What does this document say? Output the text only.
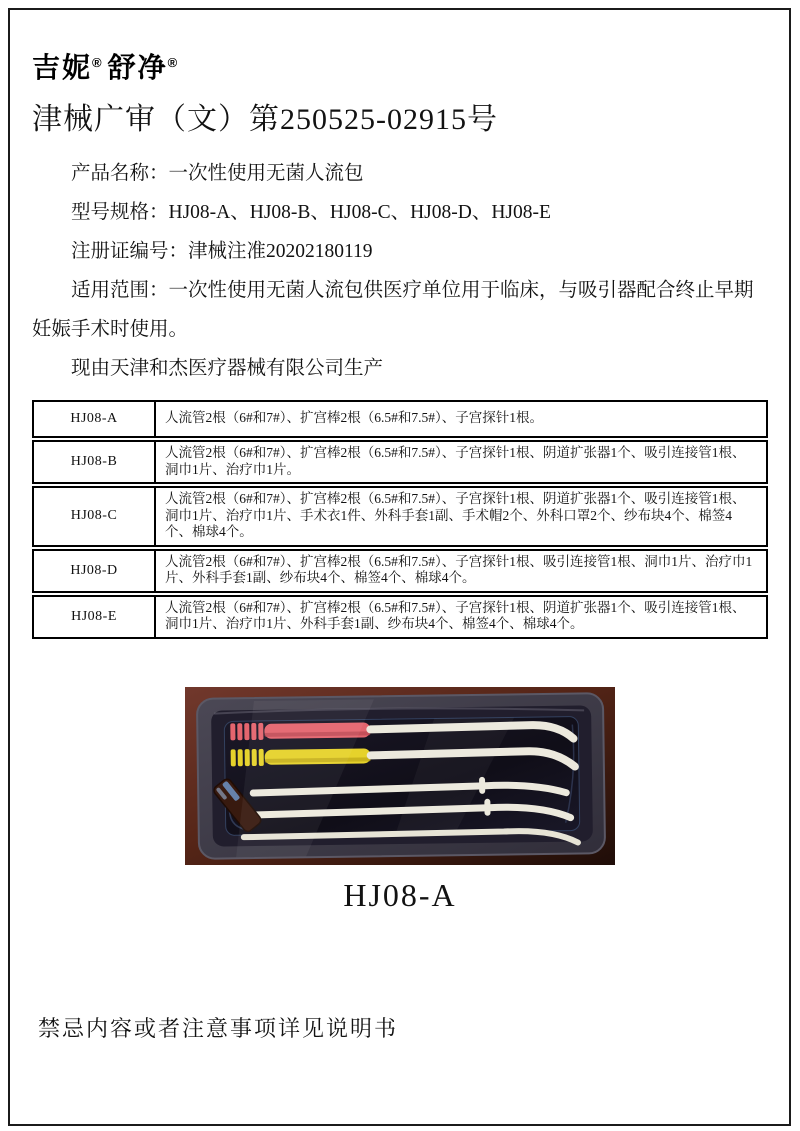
吉妮® 舒净®
津械广审（文）第250525-02915号

产品名称：一次性使用无菌人流包

型号规格：HJ08-A、HJ08-B、HJ08-C、HJ08-D、HJ08-E

注册证编号：津械注准20202180119

适用范围：一次性使用无菌人流包供医疗单位用于临床，与吸引器配合终止早期妊娠手术时使用。

现由天津和杰医疗器械有限公司生产

HJ08-A	人流管2根（6#和7#）、扩宫棒2根（6.5#和7.5#）、子宫探针1根。
HJ08-B
人流管2根（6#和7#）、扩宫棒2根（6.5#和7.5#）、子宫探针1根、阴道扩张器1个、吸引连接管1根、洞巾1片、治疗巾1片。
HJ08-C
人流管2根（6#和7#）、扩宫棒2根（6.5#和7.5#）、子宫探针1根、阴道扩张器1个、吸引连接管1根、洞巾1片、治疗巾1片、手术衣1件、外科手套1副、手术帽2个、外科口罩2个、纱布块4个、棉签4个、棉球4个。
HJ08-D
人流管2根（6#和7#）、扩宫棒2根（6.5#和7.5#）、子宫探针1根、吸引连接管1根、洞巾1片、治疗巾1片、外科手套1副、纱布块4个、棉签4个、棉球4个。
HJ08-E
人流管2根（6#和7#）、扩宫棒2根（6.5#和7.5#）、子宫探针1根、阴道扩张器1个、吸引连接管1根、洞巾1片、治疗巾1片、外科手套1副、纱布块4个、棉签4个、棉球4个。
HJ08-A
禁忌内容或者注意事项详见说明书
